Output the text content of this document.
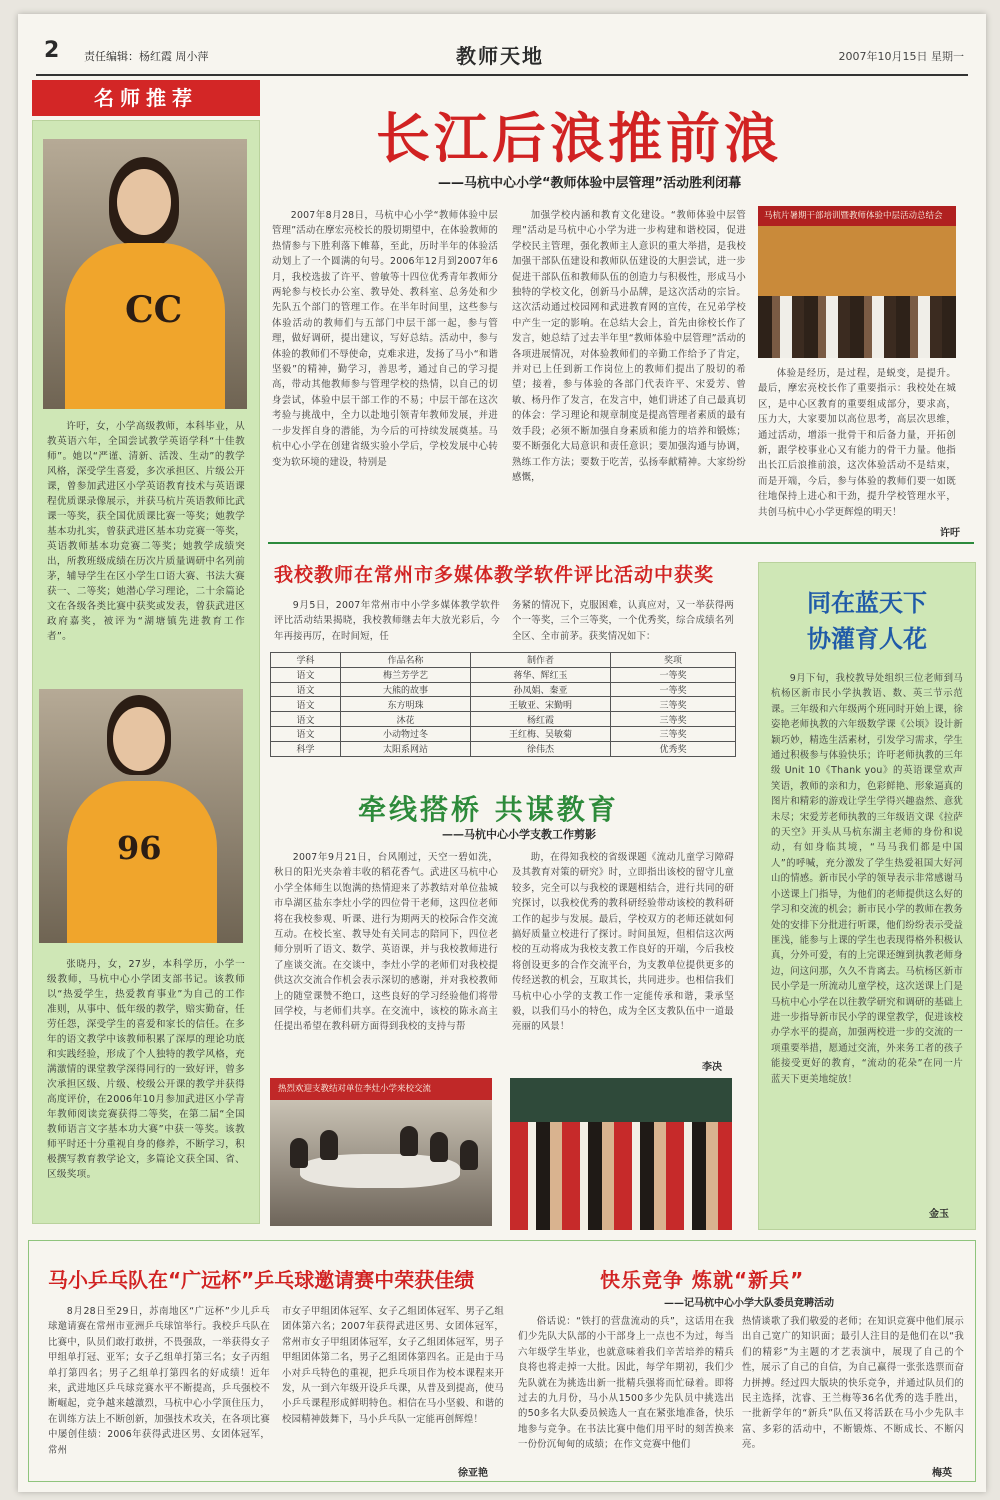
2 责任编辑：杨红霞 周小萍	教师天地	2007年10月15日 星期一
名师推荐
CC
许吁，女，小学高级教师，本科毕业，从教英语六年，全国尝试教学英语学科“十佳教师”。她以“严谨、清新、活泼、生动”的教学风格，深受学生喜爱，多次承担区、片级公开课，曾参加武进区小学英语教育技术与英语课程优质课录像展示，并获马杭片英语教师比武课一等奖，获全国优质课比赛一等奖；她教学基本功扎实，曾获武进区基本功竞赛一等奖，英语教师基本功竞赛二等奖；她教学成绩突出，所教班级成绩在历次片质量调研中名列前茅，辅导学生在区小学生口语大赛、书法大赛获一、二等奖；她潜心学习理论，二十余篇论文在各级各类比赛中获奖或发表，曾获武进区政府嘉奖，被评为“湖塘镇先进教育工作者”。
96
张晓丹，女，27岁，本科学历，小学一级教师，马杭中心小学团支部书记。该教师以“热爱学生，热爱教育事业”为自己的工作准则，从事中、低年级的教学，赔实勤奋，任劳任怨，深受学生的喜爱和家长的信任。在多年的语文教学中该教师积累了深厚的理论功底和实践经验，形成了个人独特的教学风格，充满激情的课堂教学深得同行的一致好评，曾多次承担区级、片级、校级公开课的教学并获得高度评价，在2006年10月参加武进区小学青年教师阅读竞赛获得二等奖，在第二届“全国教师语言文字基本功大赛”中获一等奖。该教师平时还十分重视自身的修养，不断学习，积极撰写教育教学论文，多篇论文获全国、省、区级奖项。
长江后浪推前浪
——马杭中心小学“教师体验中层管理”活动胜利闭幕

2007年8月28日，马杭中心小学“教师体验中层管理”活动在摩宏亮校长的殷切期望中，在体验教师的热情参与下胜利落下帷幕，至此，历时半年的体验活动划上了一个圆满的句号。2006年12月到2007年6月，我校选拔了许平、曾敏等十四位优秀青年教师分两轮参与校长办公室、教导处、教科室、总务处和少先队五个部门的管理工作。在半年时间里，这些参与体验活动的教师们与五部门中层干部一起，参与管理，做好调研，提出建议，写好总结。活动中，参与体验的教师们不辱使命，克难求进，发扬了马小“和谐坚毅”的精神，勤学习，善思考，通过自己的学习提高，带动其他教师参与管理学校的热情，以自己的切身尝试，体验中层干部工作的不易；中层干部在这次考验与挑战中，全力以赴地引领青年教师发展，并进一步发挥自身的潜能，为今后的可持续发展奠基。马杭中心小学在创建省级实验小学后，学校发展中心转变为软环境的建设，特别是

加强学校内涵和教育文化建设。“教师体验中层管理”活动是马杭中心小学为进一步构建和谐校园，促进学校民主管理，强化教师主人意识的重大举措，是我校加强干部队伍建设和教师队伍建设的大胆尝试，进一步促进干部队伍和教师队伍的创造力与积极性，形成马小独特的学校文化，创新马小品牌，是这次活动的宗旨。这次活动通过校园网和武进教育网的宣传，在兄弟学校中产生一定的影响。在总结大会上，首先由徐校长作了发言，她总结了过去半年里“教师体验中层管理”活动的各项进展情况，对体验教师们的辛勤工作给予了肯定，并对已上任到新工作岗位上的教师们提出了殷切的希望；接着，参与体验的各部门代表许平、宋爱芳、曾敏、杨丹作了发言，在发言中，她们讲述了自己最真切的体会：学习理论和规章制度是提高管理者素质的最有效手段；必须不断加强自身素质和能力的培养和锻炼；要不断强化大局意识和责任意识；要加强沟通与协调，熟练工作方法；要数于吃苦，弘扬奉献精神。大家纷纷感慨，

马杭片暑期干部培训暨教师体验中层活动总结会

体验是经历，是过程，是蜕变，是提升。最后，摩宏亮校长作了重要指示：我校处在城区，是中心区教育的重要组成部分，要求高，压力大，大家要加以高位思考，高层次思维，通过活动，增添一批骨干和后备力量，开拓创新，跟学校事业心又有能力的骨干力量。他指出长江后浪推前浪，这次体验活动不是结束，而是开端，今后，参与体验的教师们要一如既往地保持上进心和干劲，提升学校管理水平，共创马杭中心小学更辉煌的明天！

许吁
我校教师在常州市多媒体教学软件评比活动中获奖

9月5日，2007年常州市中小学多媒体教学软件评比活动结果揭晓，我校教师继去年大放光彩后，今年再接再厉，在时间短，任

务紧的情况下，克服困难，认真应对，又一举获得两个一等奖，三个三等奖，一个优秀奖，综合成绩名列全区、全市前茅。获奖情况如下：

学科	作品名称	制作者	奖项
语文	梅兰芳学艺	蒋华、辉红玉	一等奖
语文	大熊的故事	孙凤娟、秦亚	一等奖
语文	东方明珠	王敏亚、宋勤明	三等奖
语文	沐花	杨红霞	三等奖
语文	小动物过冬	王红梅、吴敏菊	三等奖
科学	太阳系网站	徐伟杰	优秀奖
牵线搭桥 共谋教育
——马杭中心小学支教工作剪影

2007年9月21日，台风刚过，天空一碧如洗，秋日的阳光夹杂着丰收的稻花香气。武进区马杭中心小学全体师生以饱满的热情迎来了苏教结对单位盐城市阜湖区盐东李灶小学的四位骨干老师，这四位老师将在我校参观、听课、进行为期两天的校际合作交流互动。在校长室、教导处有关同志的陪同下，四位老师分别听了语文、数学、英语课，并与我校教师进行了座谈交流。在交谈中，李灶小学的老师们对我校提供这次交流合作机会表示深切的感谢，并对我校教师上的随堂课赞不绝口，这些良好的学习经验他们将带回学校，与老师们共享。在交流中，该校的陈永高主任提出希望在教科研方面得到我校的支持与帮

助，在得知我校的省级课题《流动儿童学习障碍及其教育对策的研究》时，立即指出该校的留守儿童较多，完全可以与我校的课题相结合，进行共同的研究探讨，以我校优秀的教科研经验带动该校的教科研工作的起步与发展。最后，学校双方的老师还就如何搞好质量立校进行了探讨。时间虽短，但相信这次两校的互动将成为我校支教工作良好的开端，今后我校将创设更多的合作交流平台，为支教单位提供更多的传经送教的机会，互取其长，共同进步。也相信我们马杭中心小学的支教工作一定能传承和谐，秉承坚毅，以我们马小的特色，成为全区支教队伍中一道最亮丽的风景！

李决
热烈欢迎支教结对单位李灶小学来校交流
同在蓝天下
协灌育人花

9月下旬，我校教导处组织三位老师到马杭杨区新市民小学执教语、数、英三节示范课。三年级和六年级两个班同时开始上课，徐姿艳老师执教的六年级数学课《公顷》设计新颖巧妙，精选生活素材，引发学习需求，学生通过积极参与体验快乐；许吁老师执教的三年级 Unit 10《Thank you》的英语课堂欢声笑语，教师的亲和力，色彩鲜艳、形象逼真的图片和精彩的游戏让学生学得兴趣盎然、意犹未尽；宋爱芳老师执教的三年级语文课《拉萨的天空》开头从马杭东湖主老师的身份和说动，有如身临其境，“马马我们都是中国人”的呼喊，充分激发了学生热爱祖国大好河山的情感。新市民小学的领导表示非常感谢马小送课上门指导，为他们的老师提供这么好的学习和交流的机会；新市民小学的教师在教务处的安排下分批进行听课，他们纷纷表示受益匪浅，能参与上课的学生也表现得格外积极认真，分外可爱，有的上完课还缠到执教老师身边，问这问那，久久不肯离去。马杭杨区新市民小学是一所流动儿童学校，这次送课上门是马杭中心小学在以往教学研究和调研的基础上进一步指导新市民小学的课堂教学，促进该校办学水平的提高，加强两校进一步的交流的一项重要举措，愿通过交流，外来务工者的孩子能接受更好的教育，“流动的花朵”在同一片蓝天下更美地绽放！

金玉
马小乒乓队在“广远杯”乒乓球邀请赛中荣获佳绩

8月28日至29日，苏南地区“广远杯”少儿乒乓球邀请赛在常州市亚洲乒乓球馆举行。我校乒乓队在比赛中，队员们敢打敢拼，不畏强敌，一举获得女子甲组单打冠、亚军；女子乙组单打第三名；女子丙组单打第四名；男子乙组单打第四名的好成绩！近年来，武进地区乒乓球竞赛水平不断提高，乒乓强校不断崛起，竞争越来越激烈，马杭中心小学顶住压力，在训练方法上不断创新，加强技术攻关，在各项比赛中屡创佳绩：2006年获得武进区男、女团体冠军，常州

市女子甲组团体冠军、女子乙组团体冠军、男子乙组团体第六名；2007年获得武进区男、女团体冠军，常州市女子甲组团体冠军，女子乙组团体冠军，男子甲组团体第二名，男子乙组团体第四名。正是由于马小对乒乓特色的重视，把乒乓项目作为校本课程来开发，从一到六年级开设乒乓课，从普及到提高，使马小乒乓课程形成鲜明特色。相信在马小坚毅、和谐的校园精神鼓舞下，马小乒乓队一定能再创辉煌！

徐亚艳
快乐竞争 炼就“新兵”
——记马杭中心小学大队委员竞聘活动

俗话说：“铁打的营盘流动的兵”，这话用在我们少先队大队部的小干部身上一点也不为过，每当六年级学生毕业，也就意味着我们辛苦培养的精兵良将也将走掉一大批。因此，每学年期初，我们少先队就在为挑选出新一批精兵强将而忙碌着。即将过去的九月份，马小从1500多少先队员中挑选出的50多名大队委员候选人一直在紧张地准备，快乐地参与竞争。在书法比赛中他们用平时的刻苦换来一份份沉甸甸的成绩；在作文竞赛中他们

热情谈歌了我们敬爱的老师；在知识竞赛中他们展示出自己宽广的知识面；最引人注目的是他们在以“我们的精彩”为主题的才艺表演中，展现了自己的个性，展示了自己的自信，为自己赢得一张张选票而奋力拼搏。经过四大版块的快乐竞争，并通过队员们的民主选择，沈睿、王兰梅等36名优秀的选手胜出，一批新学年的“新兵”队伍又将活跃在马小少先队丰富、多彩的活动中，不断锻炼、不断成长、不断闪亮。

梅英
